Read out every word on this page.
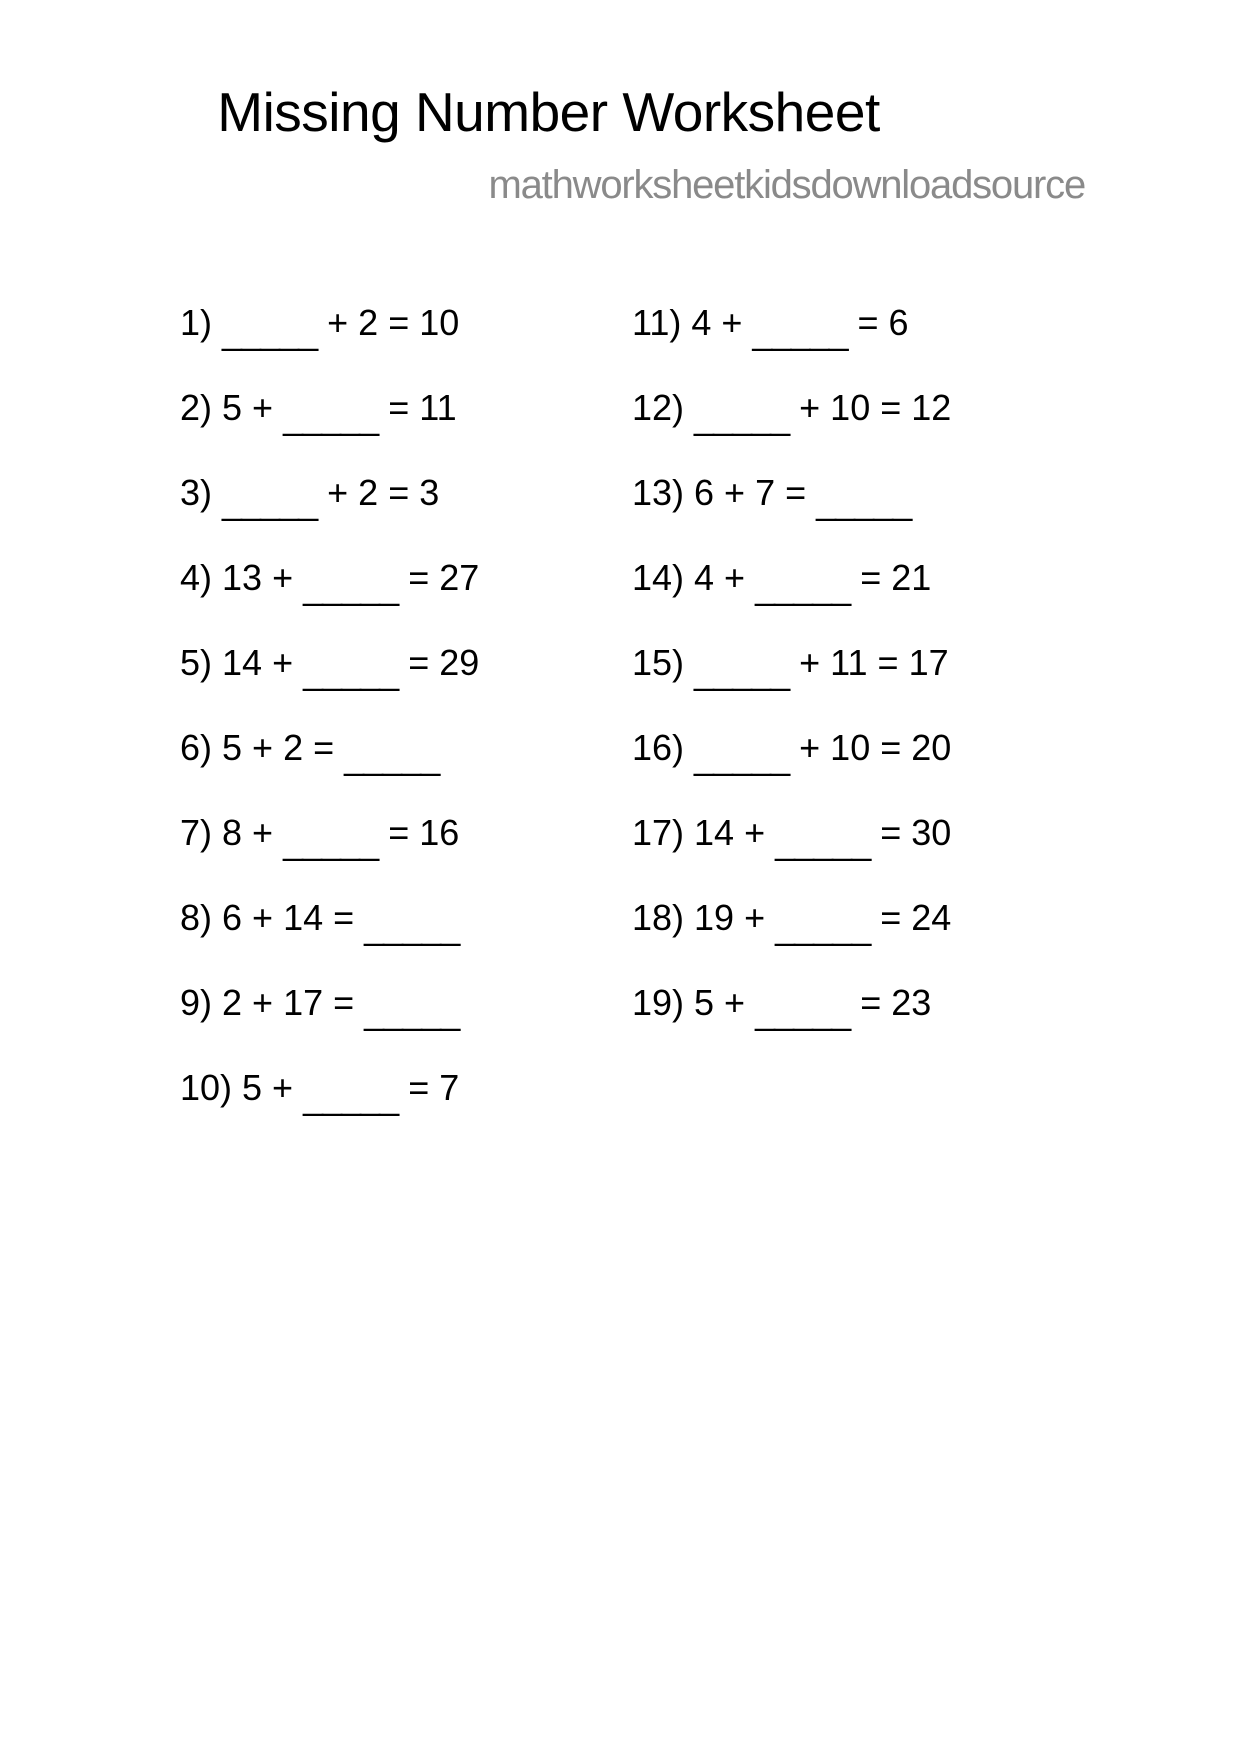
Missing Number Worksheet
mathworksheetkidsdownloadsource
1)
_____ + 2 = 10
2) 5 + _____ = 11
3)
_____ + 2 = 3
4) 13 + _____ = 27
5) 14 + _____ = 29
6) 5 + 2 = _____
7) 8 + _____ = 16
8) 6 + 14 = _____
9) 2 + 17 = _____
10) 5 + _____ = 7
11) 4 + _____ = 6
12)
_____ + 10 = 12
13) 6 + 7 = _____
14) 4 + _____ = 21
15)
_____ + 11 = 17
16)
_____ + 10 = 20
17) 14 + _____ = 30
18) 19 + _____ = 24
19) 5 + _____ = 23
